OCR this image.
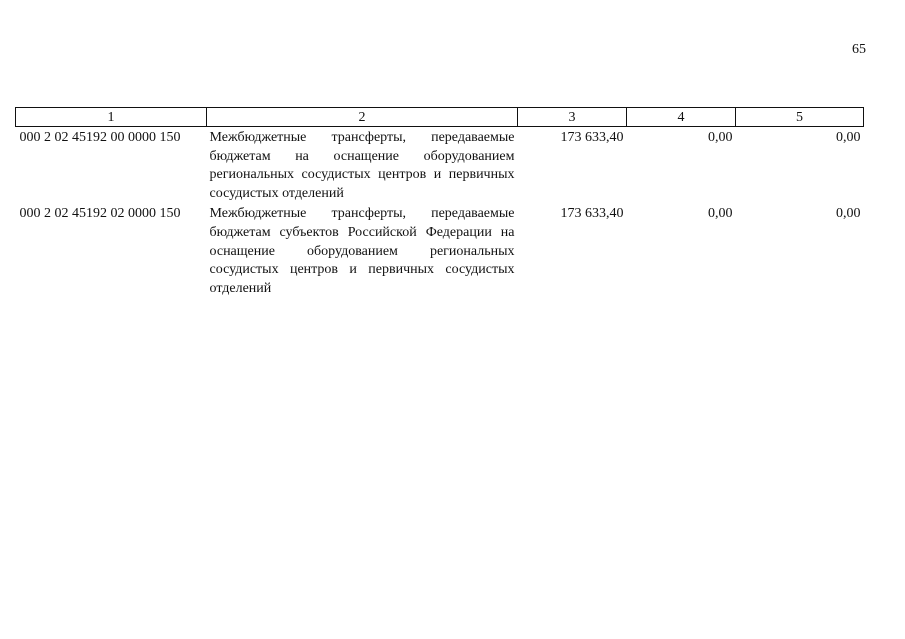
65
1	2	3	4	5
000 2 02 45192 00 0000 150	Межбюджетные трансферты, передаваемые бюджетам на оснащение оборудованием региональных сосудистых центров и первичных сосудистых отделений	173 633,40	0,00	0,00
000 2 02 45192 02 0000 150	Межбюджетные трансферты, передаваемые бюджетам субъектов Российской Федерации на оснащение оборудованием региональных сосудистых центров и первичных сосудистых отделений	173 633,40	0,00	0,00
